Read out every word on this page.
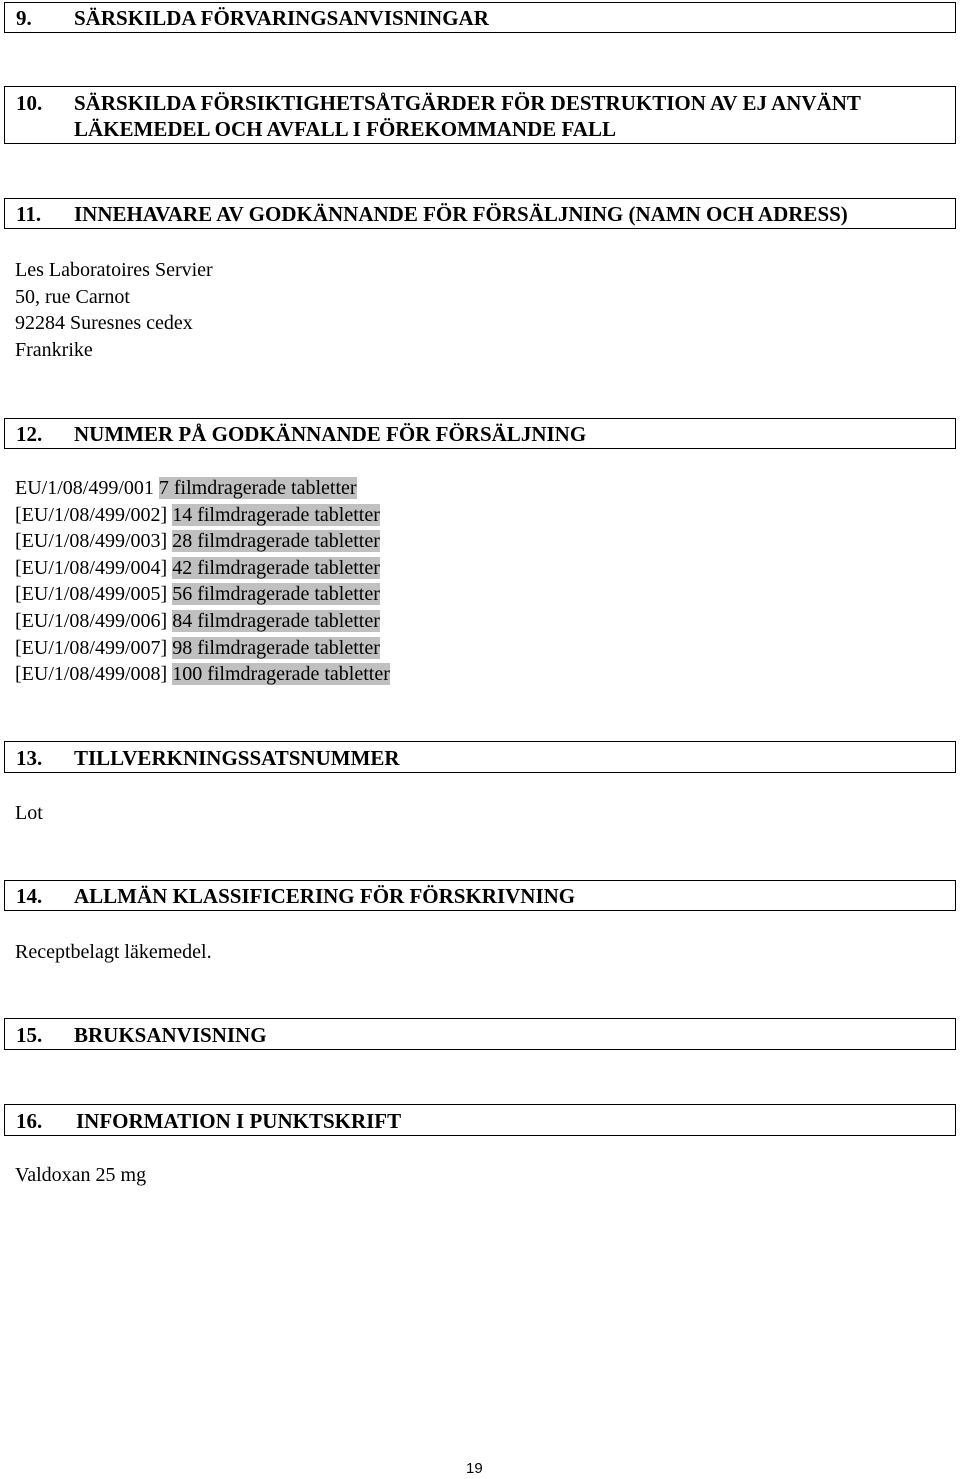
9. SÄRSKILDA FÖRVARINGSANVISNINGAR
10. SÄRSKILDA FÖRSIKTIGHETSÅTGÄRDER FÖR DESTRUKTION AV EJ ANVÄNT
LÄKEMEDEL OCH AVFALL I FÖREKOMMANDE FALL
11. INNEHAVARE AV GODKÄNNANDE FÖR FÖRSÄLJNING (NAMN OCH ADRESS)
Les Laboratoires Servier
50, rue Carnot
92284 Suresnes cedex
Frankrike
12. NUMMER PÅ GODKÄNNANDE FÖR FÖRSÄLJNING
EU/1/08/499/001 7 filmdragerade tabletter
[EU/1/08/499/002] 14 filmdragerade tabletter
[EU/1/08/499/003] 28 filmdragerade tabletter
[EU/1/08/499/004] 42 filmdragerade tabletter
[EU/1/08/499/005] 56 filmdragerade tabletter
[EU/1/08/499/006] 84 filmdragerade tabletter
[EU/1/08/499/007] 98 filmdragerade tabletter
[EU/1/08/499/008] 100 filmdragerade tabletter
13. TILLVERKNINGSSATSNUMMER
Lot
14. ALLMÄN KLASSIFICERING FÖR FÖRSKRIVNING
Receptbelagt läkemedel.
15. BRUKSANVISNING
16. INFORMATION I PUNKTSKRIFT
Valdoxan 25 mg
19
